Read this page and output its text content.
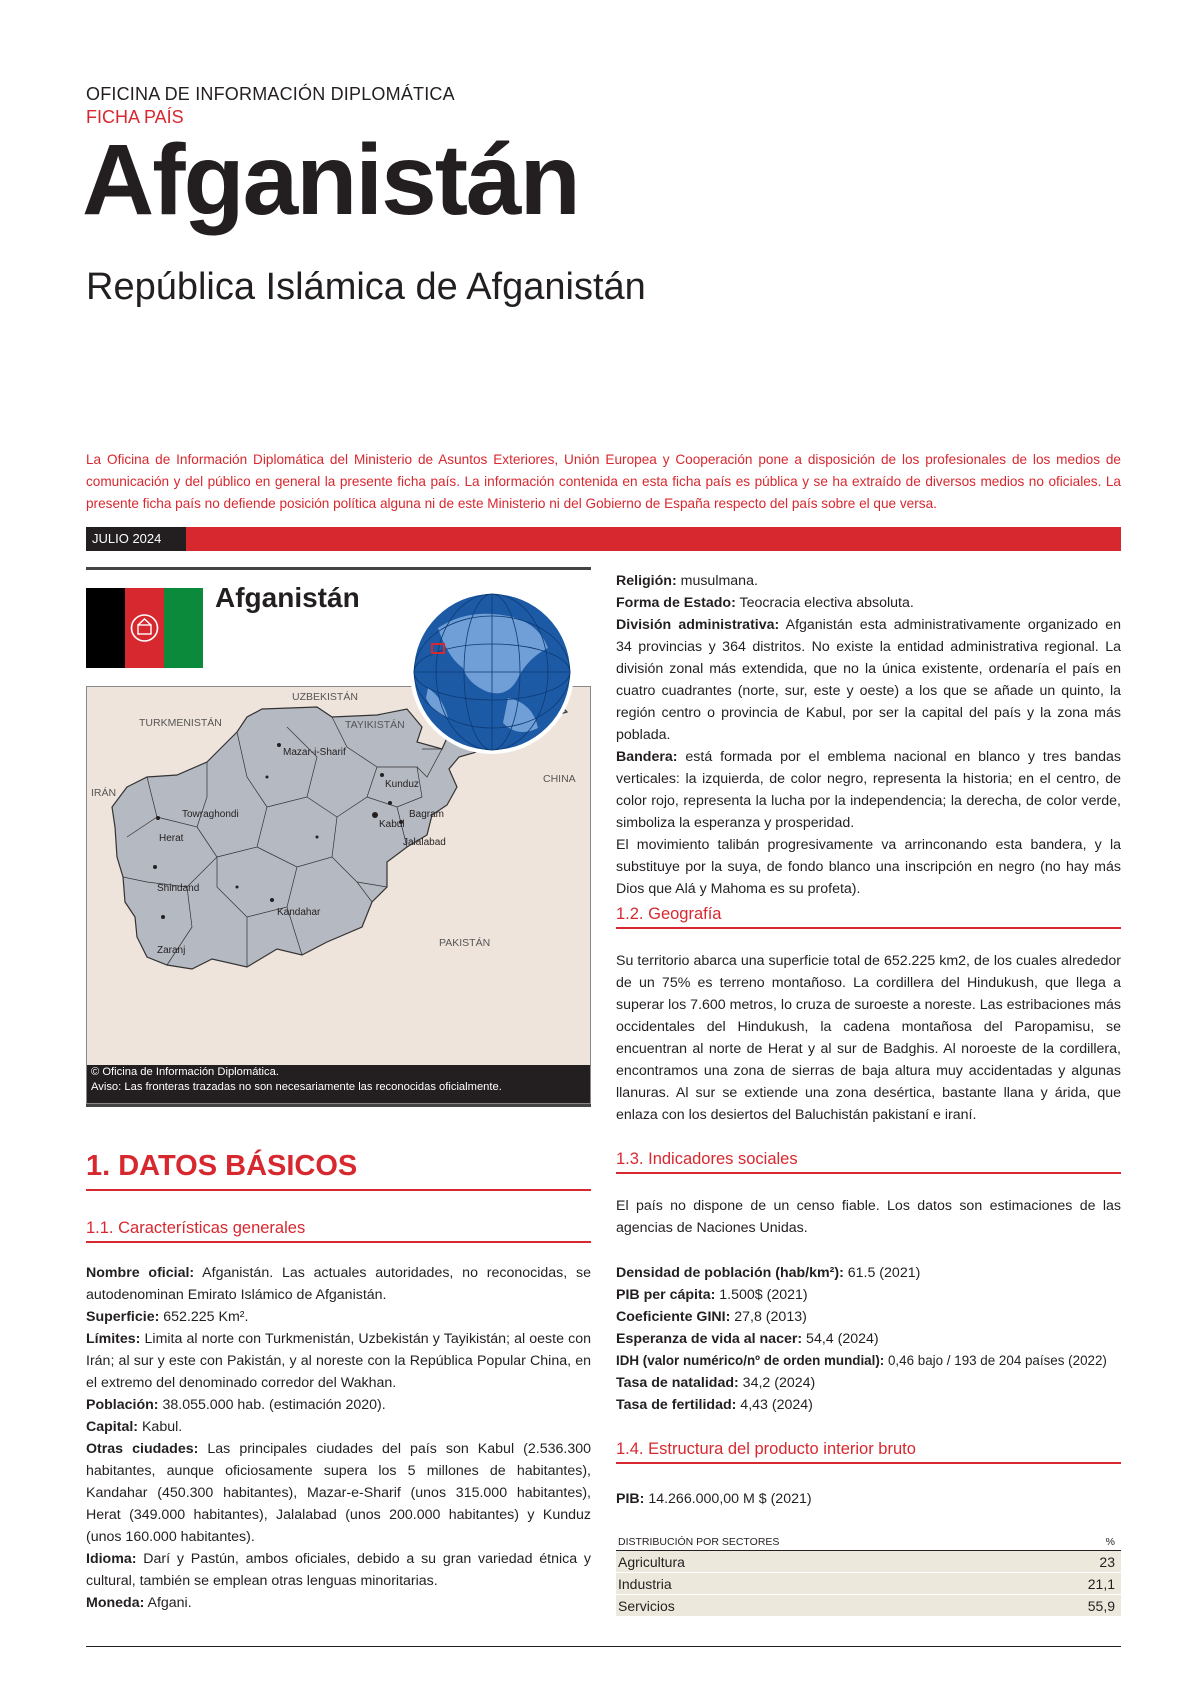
OFICINA DE INFORMACIÓN DIPLOMÁTICA
FICHA PAÍS
Afganistán
República Islámica de Afganistán
La Oficina de Información Diplomática del Ministerio de Asuntos Exteriores, Unión Europea y Cooperación pone a disposición de los profesionales de los medios de comunicación y del público en general la presente ficha país. La información contenida en esta ficha país es pública y se ha extraído de diversos medios no oficiales. La presente ficha país no defiende posición política alguna ni de este Ministerio ni del Gobierno de España respecto del país sobre el que versa.
JULIO 2024
Afganistán
UZBEKISTÁN
TURKMENISTÁN	TAYIKISTÁN
IRÁN
CHINA
PAKISTÁN
Mazar-i-Sharif
Kunduz
Bagram
Kabul
Jalalabad
Towraghondi
Herat
Shindand
Kandahar
Zaranj
© Oficina de Información Diplomática.
Aviso: Las fronteras trazadas no son necesariamente las reconocidas oficialmente.
1. DATOS BÁSICOS
1.1. Características generales

Nombre oficial: Afganistán. Las actuales autoridades, no reconocidas, se autodenominan Emirato Islámico de Afganistán.

Superficie: 652.225 Km².

Límites: Limita al norte con Turkmenistán, Uzbekistán y Tayikistán; al oeste con Irán; al sur y este con Pakistán, y al noreste con la República Popular China, en el extremo del denominado corredor del Wakhan.

Población: 38.055.000 hab. (estimación 2020).

Capital: Kabul.

Otras ciudades: Las principales ciudades del país son Kabul (2.536.300 habitantes, aunque oficiosamente supera los 5 millones de habitantes), Kandahar (450.300 habitantes), Mazar-e-Sharif (unos 315.000 habitantes), Herat (349.000 habitantes), Jalalabad (unos 200.000 habitantes) y Kunduz (unos 160.000 habitantes).

Idioma: Darí y Pastún, ambos oficiales, debido a su gran variedad étnica y cultural, también se emplean otras lenguas minoritarias.

Moneda: Afgani.

Religión: musulmana.

Forma de Estado: Teocracia electiva absoluta.

División administrativa: Afganistán esta administrativamente organizado en 34 provincias y 364 distritos. No existe la entidad administrativa regional. La división zonal más extendida, que no la única existente, ordenaría el país en cuatro cuadrantes (norte, sur, este y oeste) a los que se añade un quinto, la región centro o provincia de Kabul, por ser la capital del país y la zona más poblada.

Bandera: está formada por el emblema nacional en blanco y tres bandas verticales: la izquierda, de color negro, representa la historia; en el centro, de color rojo, representa la lucha por la independencia; la derecha, de color verde, simboliza la esperanza y prosperidad.

El movimiento talibán progresivamente va arrinconando esta bandera, y la substituye por la suya, de fondo blanco una inscripción en negro (no hay más Dios que Alá y Mahoma es su profeta).

1.2. Geografía
Su territorio abarca una superficie total de 652.225 km2, de los cuales alrededor de un 75% es terreno montañoso. La cordillera del Hindukush, que llega a superar los 7.600 metros, lo cruza de suroeste a noreste. Las estribaciones más occidentales del Hindukush, la cadena montañosa del Paropamisu, se encuentran al norte de Herat y al sur de Badghis. Al noroeste de la cordillera, encontramos una zona de sierras de baja altura muy accidentadas y algunas llanuras. Al sur se extiende una zona desértica, bastante llana y árida, que enlaza con los desiertos del Baluchistán pakistaní e iraní.
1.3. Indicadores sociales
El país no dispone de un censo fiable. Los datos son estimaciones de las agencias de Naciones Unidas.

Densidad de población (hab/km²): 61.5 (2021)

PIB per cápita: 1.500$ (2021)

Coeficiente GINI: 27,8 (2013)

Esperanza de vida al nacer: 54,4 (2024)

IDH (valor numérico/nº de orden mundial): 0,46 bajo / 193 de 204 países (2022)

Tasa de natalidad: 34,2 (2024)

Tasa de fertilidad: 4,43 (2024)

1.4. Estructura del producto interior bruto
PIB: 14.266.000,00 M $ (2021)
DISTRIBUCIÓN POR SECTORES	%
Agricultura	23
Industria	21,1
Servicios	55,9
